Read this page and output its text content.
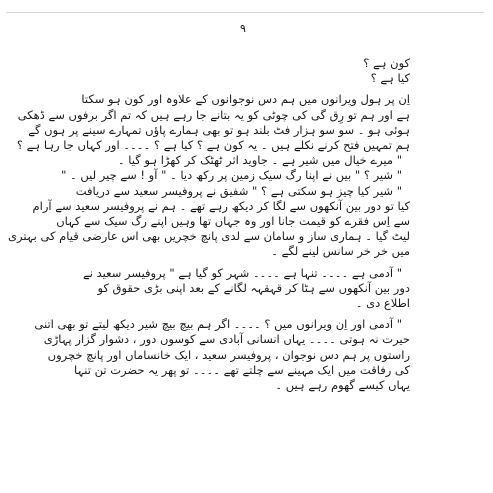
۹
کون ہے ؟
کیا ہے ؟
اِن پر ہول ویرانوں میں ہم دس نوجوانوں کے علاوہ اور کون ہو سکتا
ہے اور ہم تو رِق گی کی چوٹی کو یہ بتانے جا رہے ہیں کہ تم اگر برفوں سے ڈھکی
ہوئی ہو ۔ سو سو ہزار فٹ بلند ہو تو بھی ہمارے پاؤں تمہارے سینے پر ہوں گے
ہم تمہیں فتح کرنے نکلے ہیں ۔ یہ کون ہے ؟ کیا ہے ؟ ۔۔۔۔ اور کہاں جا رہا ہے ؟
" میرے خیال میں شیر ہے ۔ جاوید اثر ٹھٹک کر کھڑا ہو گیا ۔
" شیر ؟ " بیں نے اپنا رگ سیک زمین پر رکھ دیا ۔ " آو ! سے چیر لیں ۔ "
" شیر کیا چیز ہو سکتی ہے ؟ " شفیق نے پروفیسر سعید سے دریافت
کیا تو دور بین آنکھوں سے لگا کر دیکھ رہے تھے ۔ ہم نے پروفیسر سعید سے آرام
سے اِس فقرے کو قیمت جانا اور وہ جہاں تھا وہیں اپنے رگ سیک سے کہاں
لیٹ گیا ۔ ہماری ساز و سامان سے لدی پانچ خچریں بھی اس عارضی قیام کی بہتری
میں خر خر سانس لینے لگے ۔
" آدمی ہے ۔۔۔۔ تنہا ہے ۔۔۔۔ شہر کو گیا ہے " پروفیسر سعید نے
دور بین آنکھوں سے ہٹا کر قہقہہ لگانے کے بعد اپنی بڑی حقوق کو
اطلاع دی ۔
" آدمی اور اِن ویرانوں میں ؟ ۔۔۔۔ اگر ہم بیچ بیچ شیر دیکھ لیتے تو بھی اتنی
حیرت نہ ہوتی ۔۔۔۔ یہاں انسانی آبادی سے کوسوں دور ، دشوار گزار پہاڑی
راستوں پر ہم دس نوجوان ، پروفیسر سعید ، ایک خانساماں اور پانچ خچروں
کی رفاقت میں ایک مہینے سے چلتے تھے ۔۔۔۔ تو پھر یہ حضرت تن تنہا
یہاں کیسے گھوم رہے ہیں ۔
